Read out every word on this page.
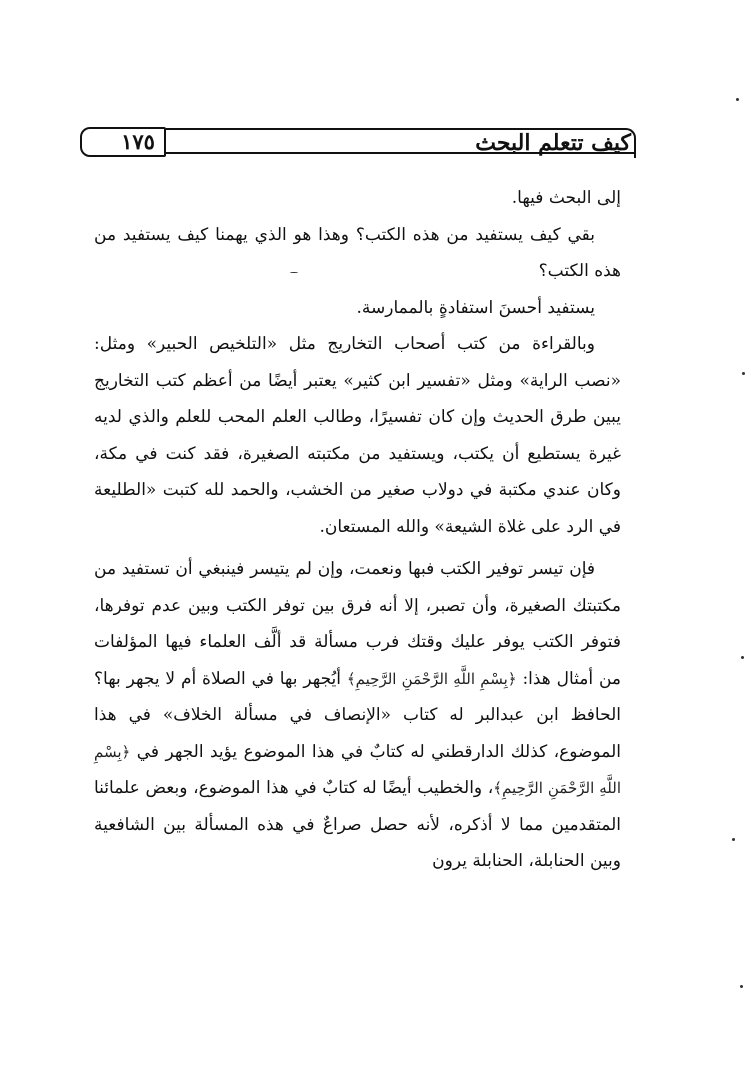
١٧٥	كيف تتعلم البحث

إلى البحث فيها.

بقي كيف يستفيد من هذه الكتب؟ وهذا هو الذي يهمنا كيف يستفيد من هذه الكتب؟

يستفيد أحسنَ استفادةٍ بالممارسة.

وبالقراءة من كتب أصحاب التخاريج مثل «التلخيص الحبير» ومثل: «نصب الراية» ومثل «تفسير ابن كثير» يعتبر أيضًا من أعظم كتب التخاريج يبين طرق الحديث وإن كان تفسيرًا، وطالب العلم المحب للعلم والذي لديه غيرة يستطيع أن يكتب، ويستفيد من مكتبته الصغيرة، فقد كنت في مكة، وكان عندي مكتبة في دولاب صغير من الخشب، والحمد لله كتبت «الطليعة في الرد على غلاة الشيعة» والله المستعان.

فإن تيسر توفير الكتب فبها ونعمت، وإن لم يتيسر فينبغي أن تستفيد من مكتبتك الصغيرة، وأن تصبر، إلا أنه فرق بين توفر الكتب وبين عدم توفرها، فتوفر الكتب يوفر عليك وقتك فرب مسألة قد ألَّف العلماء فيها المؤلفات من أمثال هذا: ﴿بِسْمِ اللَّهِ الرَّحْمَنِ الرَّحِيمِ﴾ أيُجهر بها في الصلاة أم لا يجهر بها؟ الحافظ ابن عبدالبر له كتاب «الإنصاف في مسألة الخلاف» في هذا الموضوع، كذلك الدارقطني له كتابٌ في هذا الموضوع يؤيد الجهر في ﴿بِسْمِ اللَّهِ الرَّحْمَنِ الرَّحِيمِ﴾، والخطيب أيضًا له كتابٌ في هذا الموضوع، وبعض علمائنا المتقدمين مما لا أذكره، لأنه حصل صراعٌ في هذه المسألة بين الشافعية وبين الحنابلة، الحنابلة يرون
